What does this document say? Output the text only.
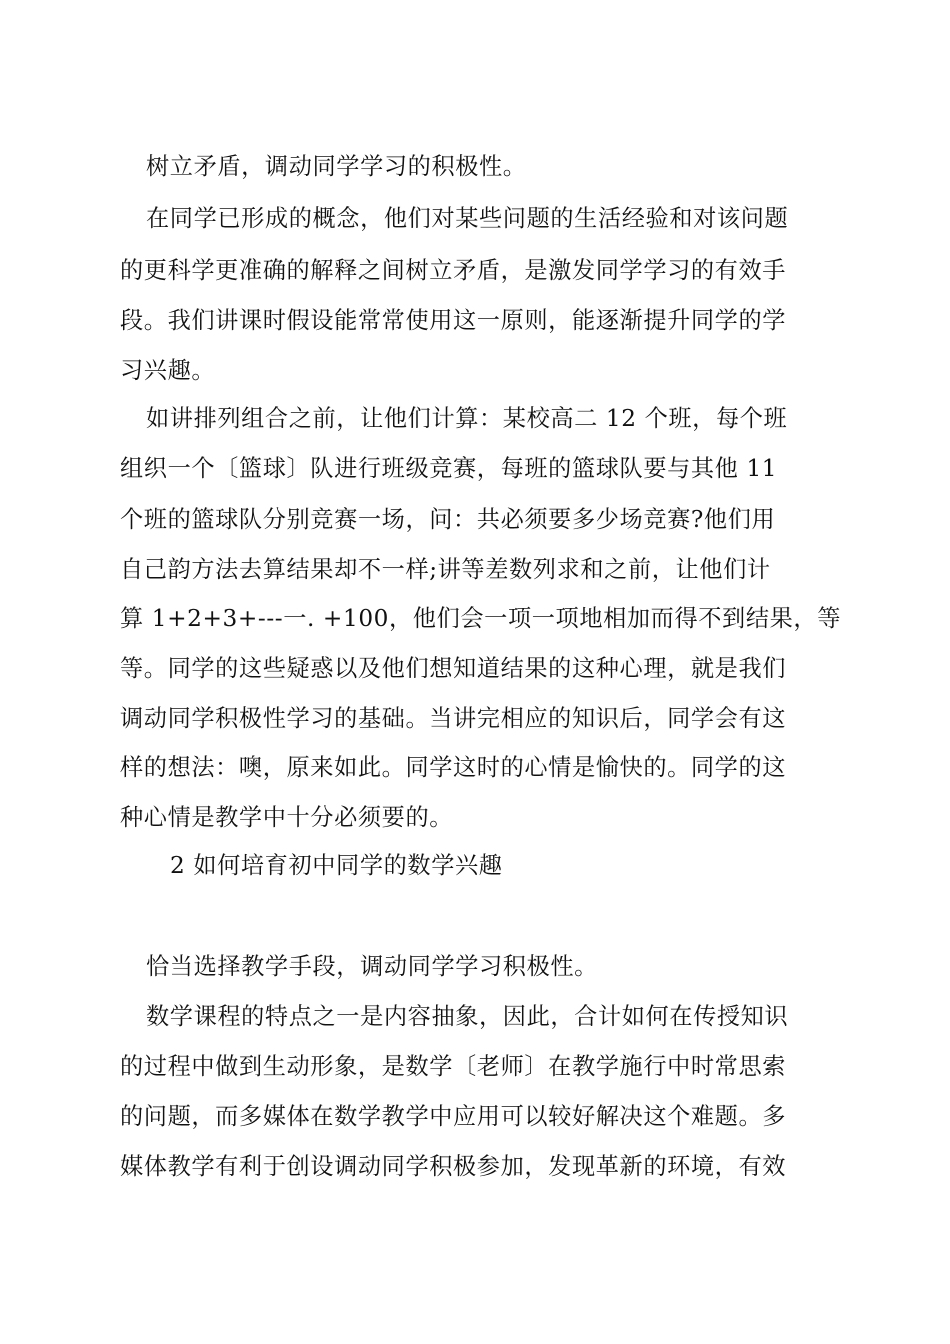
树立矛盾，调动同学学习的积极性。
在同学已形成的概念，他们对某些问题的生活经验和对该问题
的更科学更准确的解释之间树立矛盾，是激发同学学习的有效手
段。我们讲课时假设能常常使用这一原则，能逐渐提升同学的学
习兴趣。
如讲排列组合之前，让他们计算：某校高二 12 个班，每个班
组织一个〔篮球〕队进行班级竞赛，每班的篮球队要与其他 11
个班的篮球队分别竞赛一场，问：共必须要多少场竞赛?他们用
自己韵方法去算结果却不一样;讲等差数列求和之前，让他们计
算 1+2+3+---一. +100，他们会一项一项地相加而得不到结果，等
等。同学的这些疑惑以及他们想知道结果的这种心理，就是我们
调动同学积极性学习的基础。当讲完相应的知识后，同学会有这
样的想法：噢，原来如此。同学这时的心情是愉快的。同学的这
种心情是教学中十分必须要的。
2 如何培育初中同学的数学兴趣
恰当选择教学手段，调动同学学习积极性。
数学课程的特点之一是内容抽象，因此，合计如何在传授知识
的过程中做到生动形象，是数学〔老师〕在教学施行中时常思索
的问题，而多媒体在数学教学中应用可以较好解决这个难题。多
媒体教学有利于创设调动同学积极参加，发现革新的环境，有效
